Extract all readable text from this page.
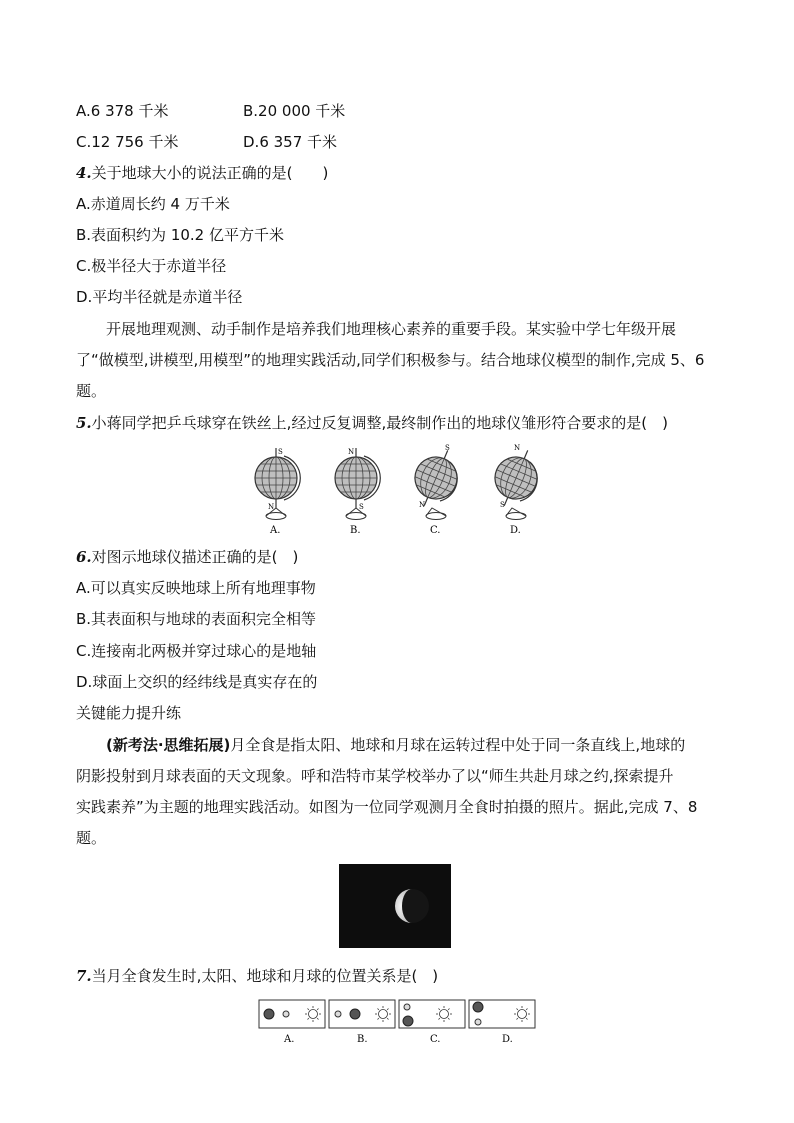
A.6 378 千米	B.20 000 千米
C.12 756 千米	D.6 357 千米
4.关于地球大小的说法正确的是(　　)
A.赤道周长约 4 万千米
B.表面积约为 10.2 亿平方千米
C.极半径大于赤道半径
D.平均半径就是赤道半径
开展地理观测、动手制作是培养我们地理核心素养的重要手段。某实验中学七年级开展
了“做模型,讲模型,用模型”的地理实践活动,同学们积极参与。结合地球仪模型的制作,完成 5、6
题。
5.小蒋同学把乒乓球穿在铁丝上,经过反复调整,最终制作出的地球仪雏形符合要求的是(　)
S
N
N
S
S
N
N
S
A.	B.	C.	D.
6.对图示地球仪描述正确的是(　)
A.可以真实反映地球上所有地理事物
B.其表面积与地球的表面积完全相等
C.连接南北两极并穿过球心的是地轴
D.球面上交织的经纬线是真实存在的
关键能力提升练
(新考法·思维拓展)月全食是指太阳、地球和月球在运转过程中处于同一条直线上,地球的
阴影投射到月球表面的天文现象。呼和浩特市某学校举办了以“师生共赴月球之约,探索提升
实践素养”为主题的地理实践活动。如图为一位同学观测月全食时拍摄的照片。据此,完成 7、8
题。
7.当月全食发生时,太阳、地球和月球的位置关系是(　)
A.	B.	C.	D.
